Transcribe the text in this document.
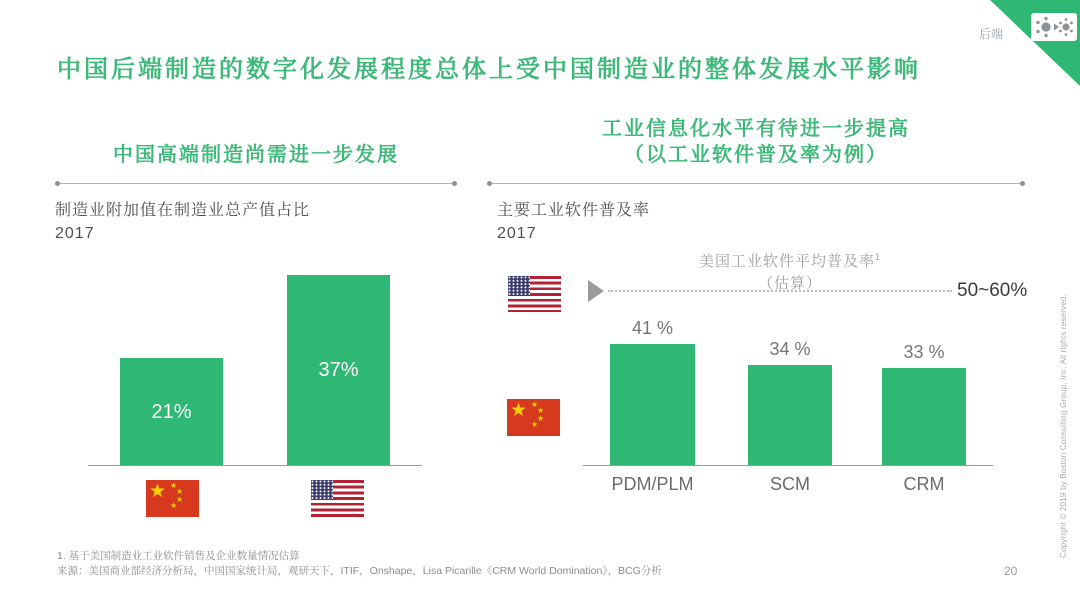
后端
中国后端制造的数字化发展程度总体上受中国制造业的整体发展水平影响
中国高端制造尚需进一步发展
制造业附加值在制造业总产值占比
2017
21%
37%
★ ★
★
★
★
工业信息化水平有待进一步提高
（以工业软件普及率为例）
主要工业软件普及率
2017
美国工业软件平均普及率$^1$
（估算）	50~60%
41 %
34 %	33 %
PDM/PLM	SCM	CRM
★ ★
★
★
★
1. 基于美国制造业工业软件销售及企业数量情况估算
来源：美国商业部经济分析局，中国国家统计局，观研天下，ITIF，Onshape，Lisa Picarille《CRM World Domination》，BCG分析
Copyright © 2019 by Boston Consulting Group, Inc. All rights reserved.
20
